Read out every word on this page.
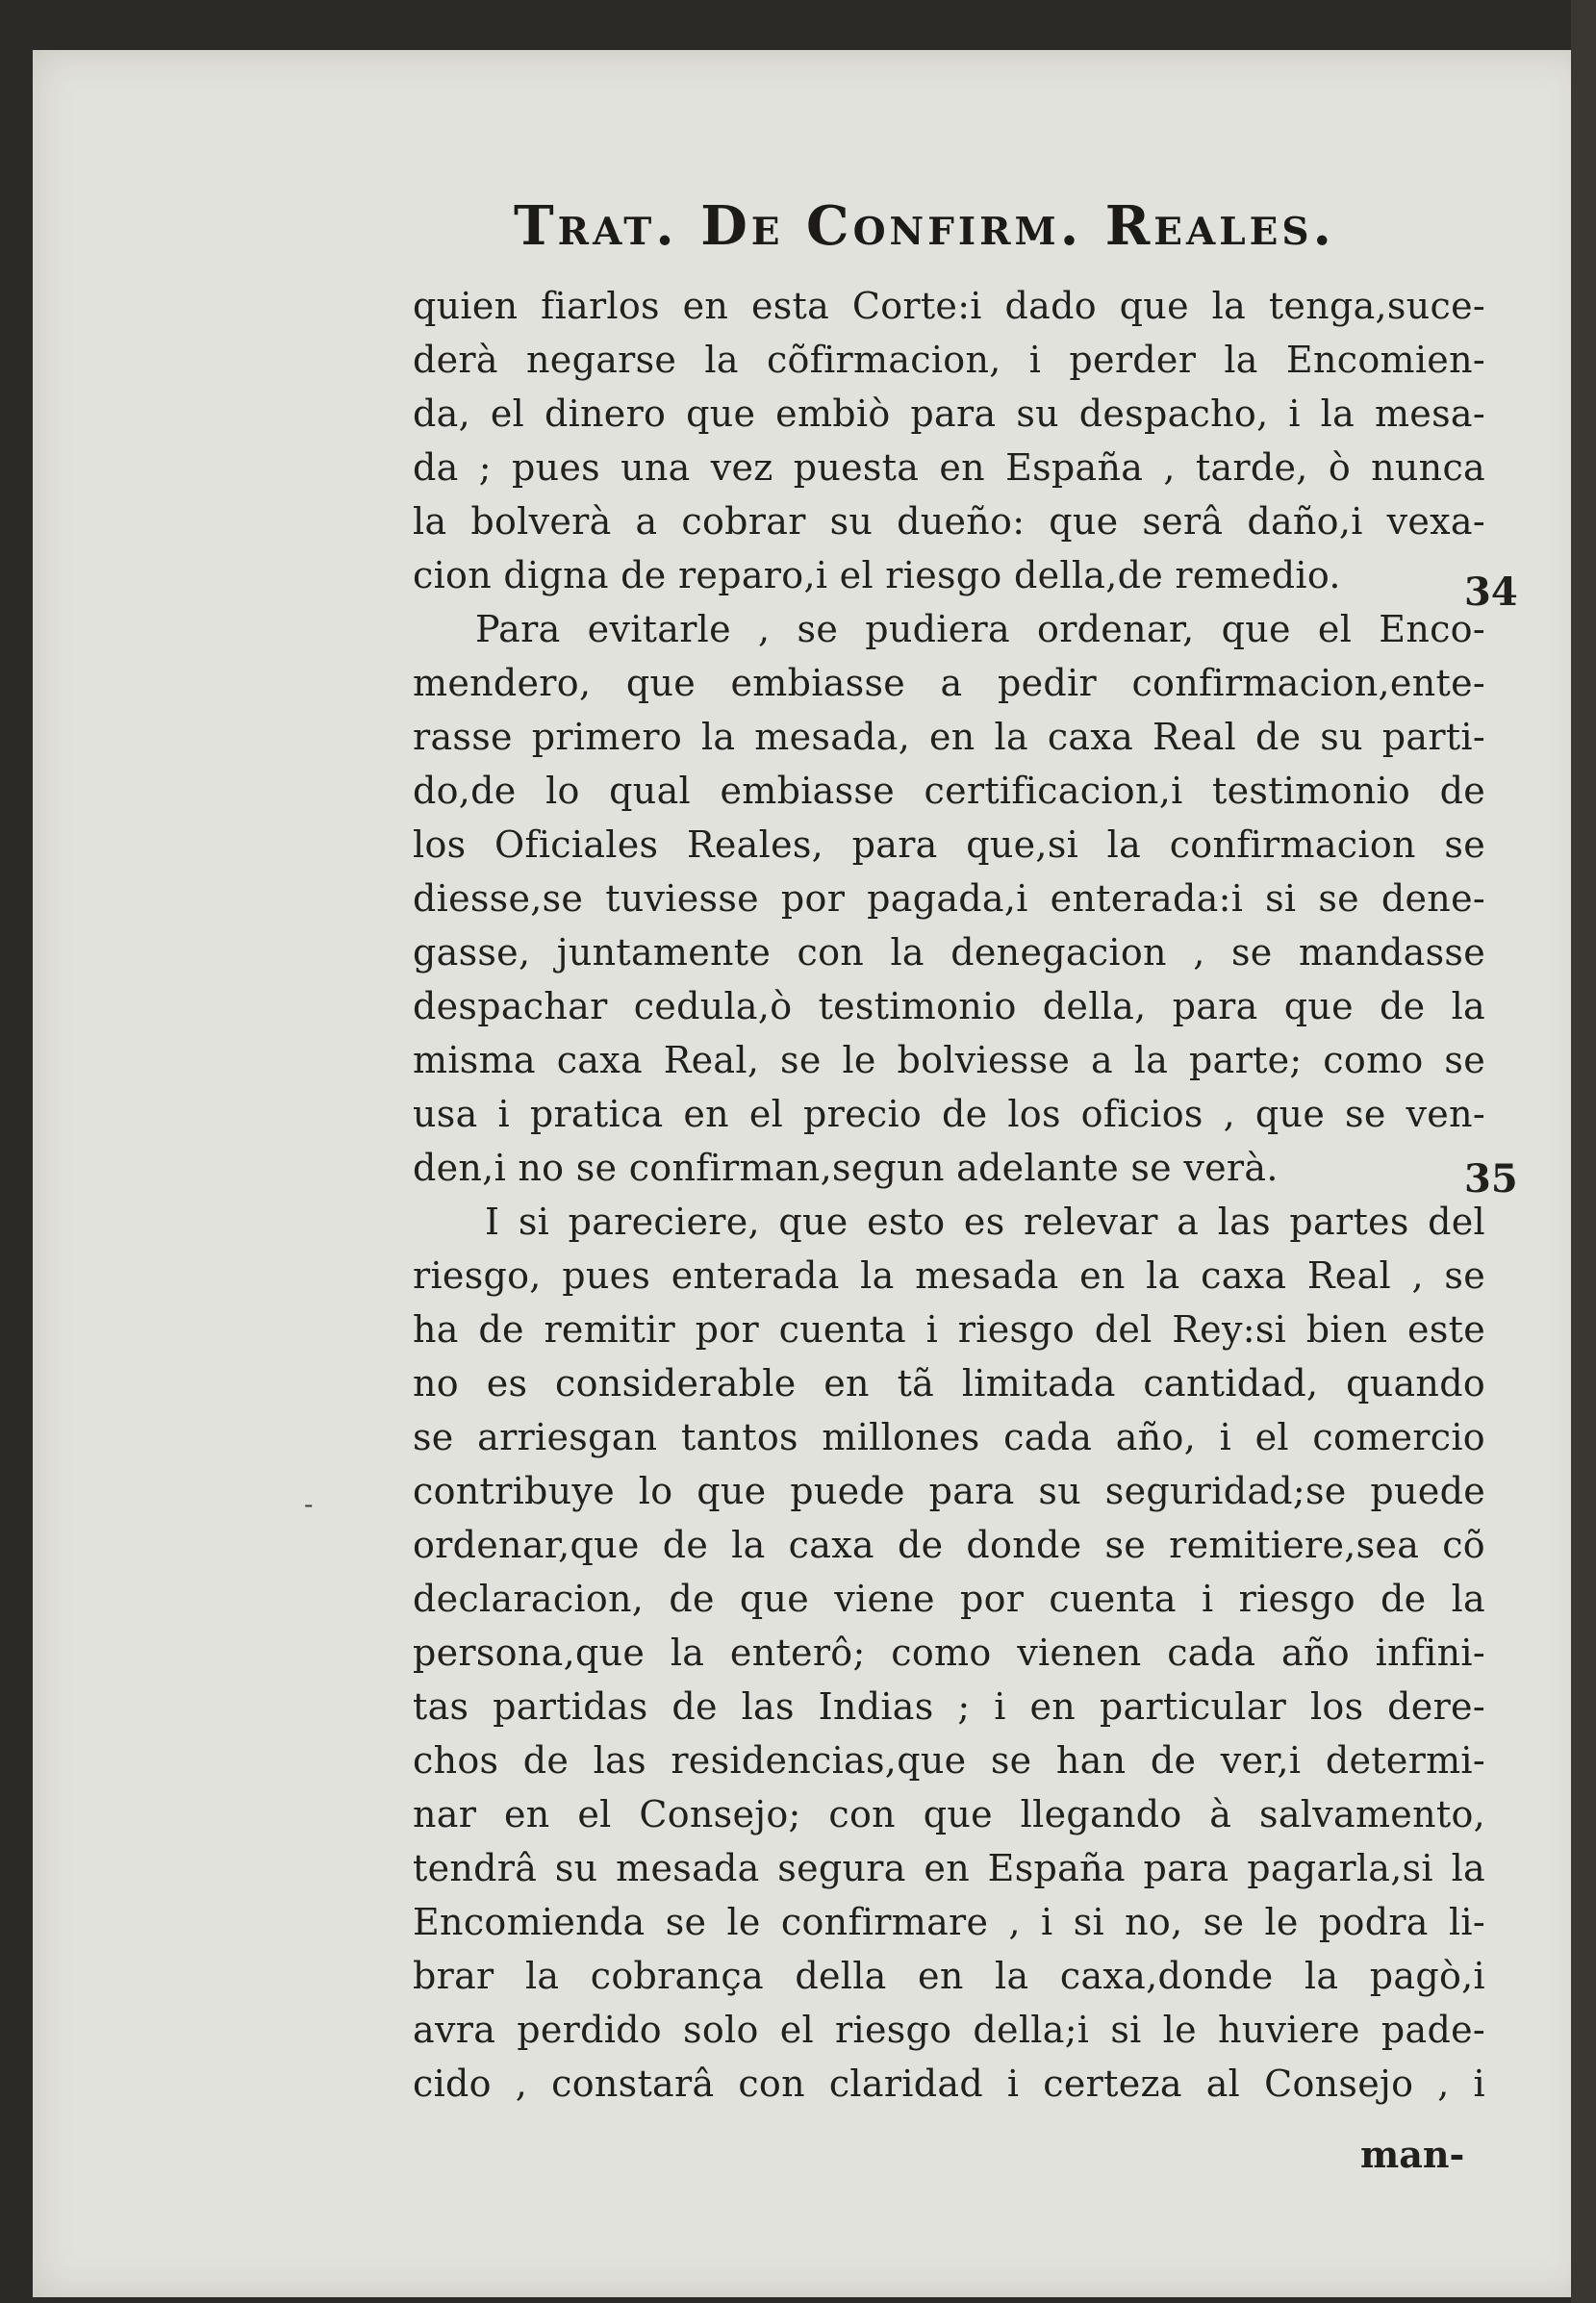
Trat. De Confirm. Reales.
quien fiarlos en esta Corte:i dado que la tenga,suce-
derà negarse la cõfirmacion, i perder la Encomien-
da, el dinero que embiò para su despacho, i la mesa-
da ; pues una vez puesta en España , tarde, ò nunca
la bolverà a cobrar su dueño: que serâ daño,i vexa-
cion digna de reparo,i el riesgo della,de remedio.
Para evitarle , se pudiera ordenar, que el Enco-
mendero, que embiasse a pedir confirmacion,ente-
rasse primero la mesada, en la caxa Real de su parti-
do,de lo qual embiasse certificacion,i testimonio de
los Oficiales Reales, para que,si la confirmacion se
diesse,se tuviesse por pagada,i enterada:i si se dene-
gasse, juntamente con la denegacion , se mandasse
despachar cedula,ò testimonio della, para que de la
misma caxa Real, se le bolviesse a la parte; como se
usa i pratica en el precio de los oficios , que se ven-
den,i no se confirman,segun adelante se verà.
I si pareciere, que esto es relevar a las partes del
riesgo, pues enterada la mesada en la caxa Real , se
ha de remitir por cuenta i riesgo del Rey:si bien este
no es considerable en tã limitada cantidad, quando
se arriesgan tantos millones cada año, i el comercio
contribuye lo que puede para su seguridad;se puede
ordenar,que de la caxa de donde se remitiere,sea cõ
declaracion, de que viene por cuenta i riesgo de la
persona,que la enterô; como vienen cada año infini-
tas partidas de las Indias ; i en particular los dere-
chos de las residencias,que se han de ver,i determi-
nar en el Consejo; con que llegando à salvamento,
tendrâ su mesada segura en España para pagarla,si la
Encomienda se le confirmare , i si no, se le podra li-
brar la cobrança della en la caxa,donde la pagò,i
avra perdido solo el riesgo della;i si le huviere pade-
cido , constarâ con claridad i certeza al Consejo , i
34
35
-
man-
